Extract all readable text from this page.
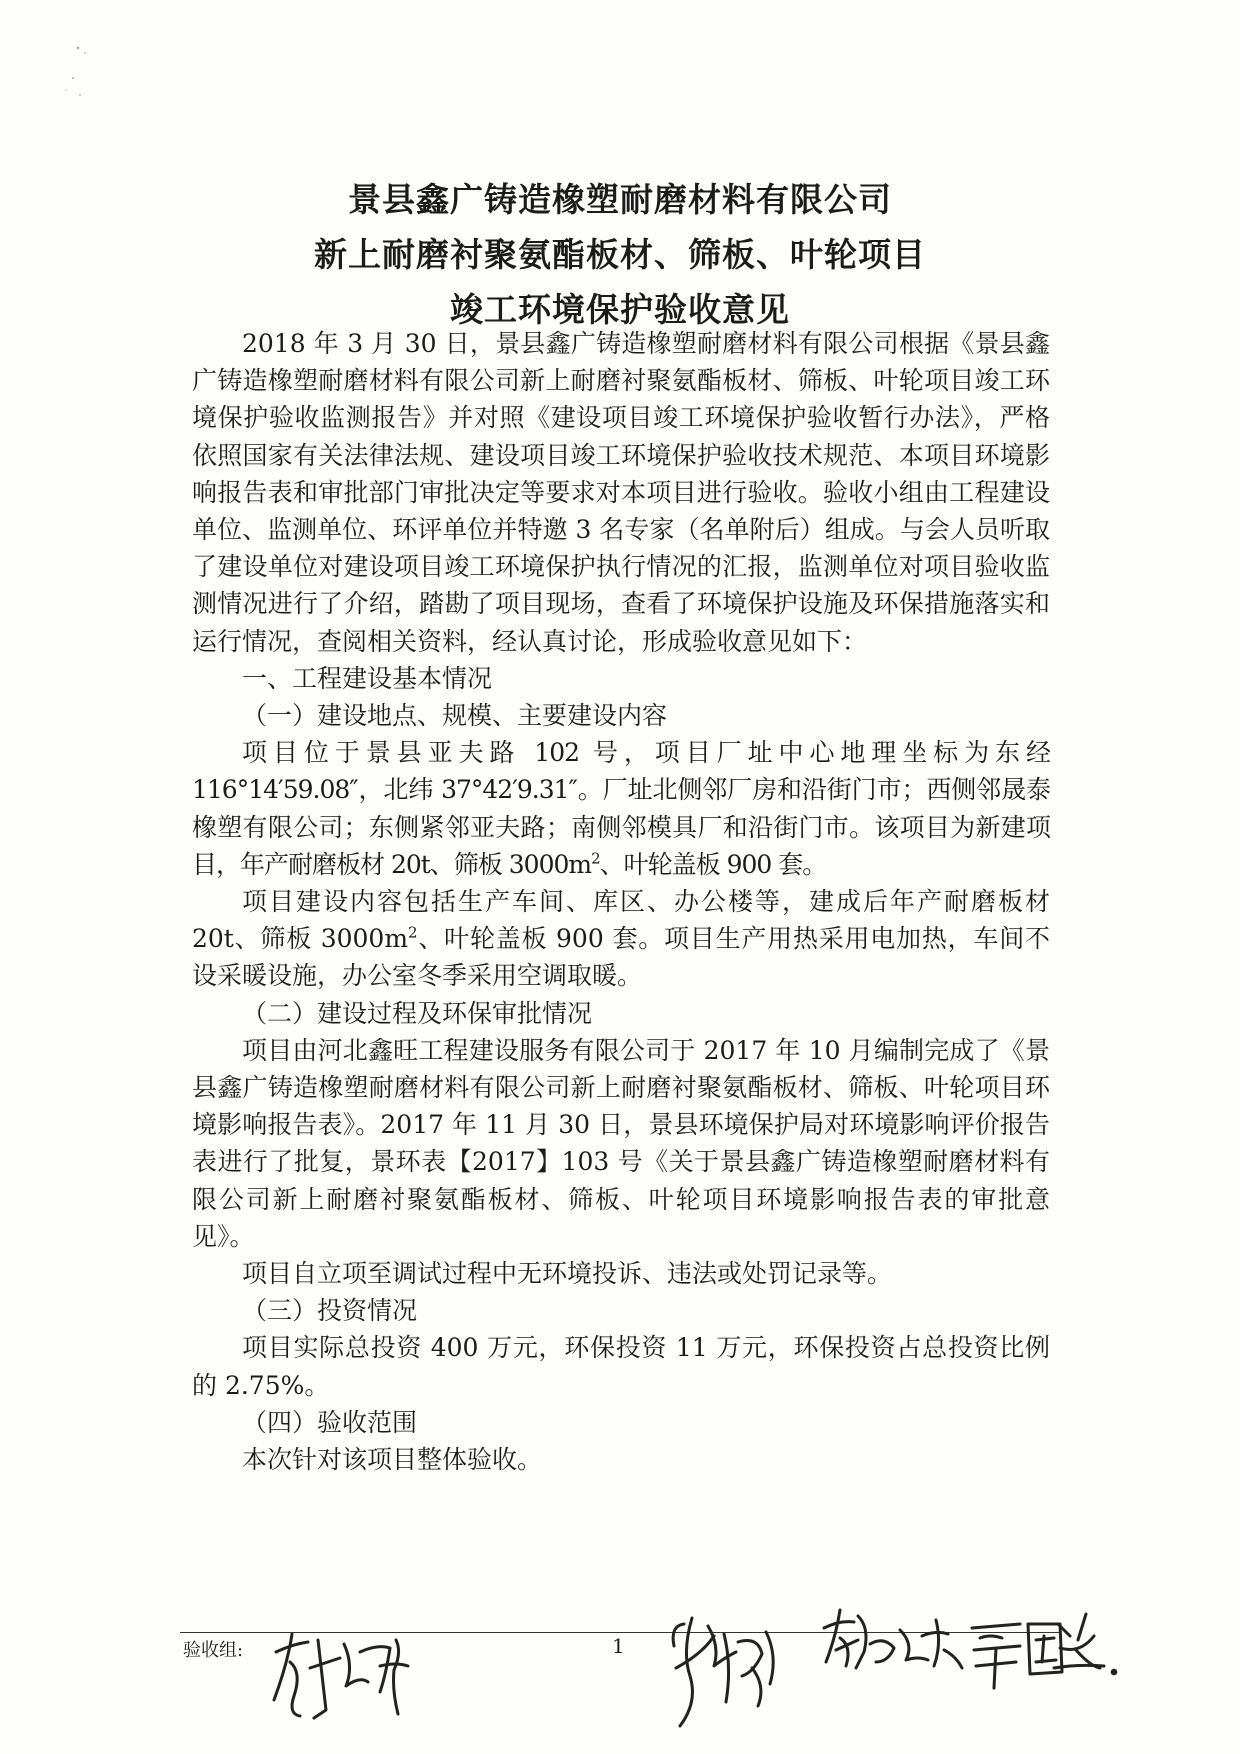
景县鑫广铸造橡塑耐磨材料有限公司
新上耐磨衬聚氨酯板材、筛板、叶轮项目
竣工环境保护验收意见

2018 年 3 月 30 日，景县鑫广铸造橡塑耐磨材料有限公司根据《景县鑫广铸造橡塑耐磨材料有限公司新上耐磨衬聚氨酯板材、筛板、叶轮项目竣工环境保护验收监测报告》并对照《建设项目竣工环境保护验收暂行办法》，严格依照国家有关法律法规、建设项目竣工环境保护验收技术规范、本项目环境影响报告表和审批部门审批决定等要求对本项目进行验收。验收小组由工程建设单位、监测单位、环评单位并特邀 3 名专家（名单附后）组成。与会人员听取了建设单位对建设项目竣工环境保护执行情况的汇报，监测单位对项目验收监测情况进行了介绍，踏勘了项目现场，查看了环境保护设施及环保措施落实和运行情况，查阅相关资料，经认真讨论，形成验收意见如下：

一、工程建设基本情况

（一）建设地点、规模、主要建设内容

项目位于景县亚夫路 102 号，项目厂址中心地理坐标为东经 116°14′59.08″，北纬 37°42′9.31″。厂址北侧邻厂房和沿街门市；西侧邻晟泰橡塑有限公司；东侧紧邻亚夫路；南侧邻模具厂和沿街门市。该项目为新建项目，年产耐磨板材 20t、筛板 $3000m^2$、叶轮盖板 900 套。

项目建设内容包括生产车间、库区、办公楼等，建成后年产耐磨板材 20t、筛板 $3000m^2$、叶轮盖板 900 套。项目生产用热采用电加热，车间不设采暖设施，办公室冬季采用空调取暖。

（二）建设过程及环保审批情况

项目由河北鑫旺工程建设服务有限公司于 2017 年 10 月编制完成了《景县鑫广铸造橡塑耐磨材料有限公司新上耐磨衬聚氨酯板材、筛板、叶轮项目环境影响报告表》。2017 年 11 月 30 日，景县环境保护局对环境影响评价报告表进行了批复，景环表【2017】103 号《关于景县鑫广铸造橡塑耐磨材料有限公司新上耐磨衬聚氨酯板材、筛板、叶轮项目环境影响报告表的审批意见》。

项目自立项至调试过程中无环境投诉、违法或处罚记录等。

（三）投资情况

项目实际总投资 400 万元，环保投资 11 万元，环保投资占总投资比例的 2.75%。

（四）验收范围

本次针对该项目整体验收。

验收组:	1
